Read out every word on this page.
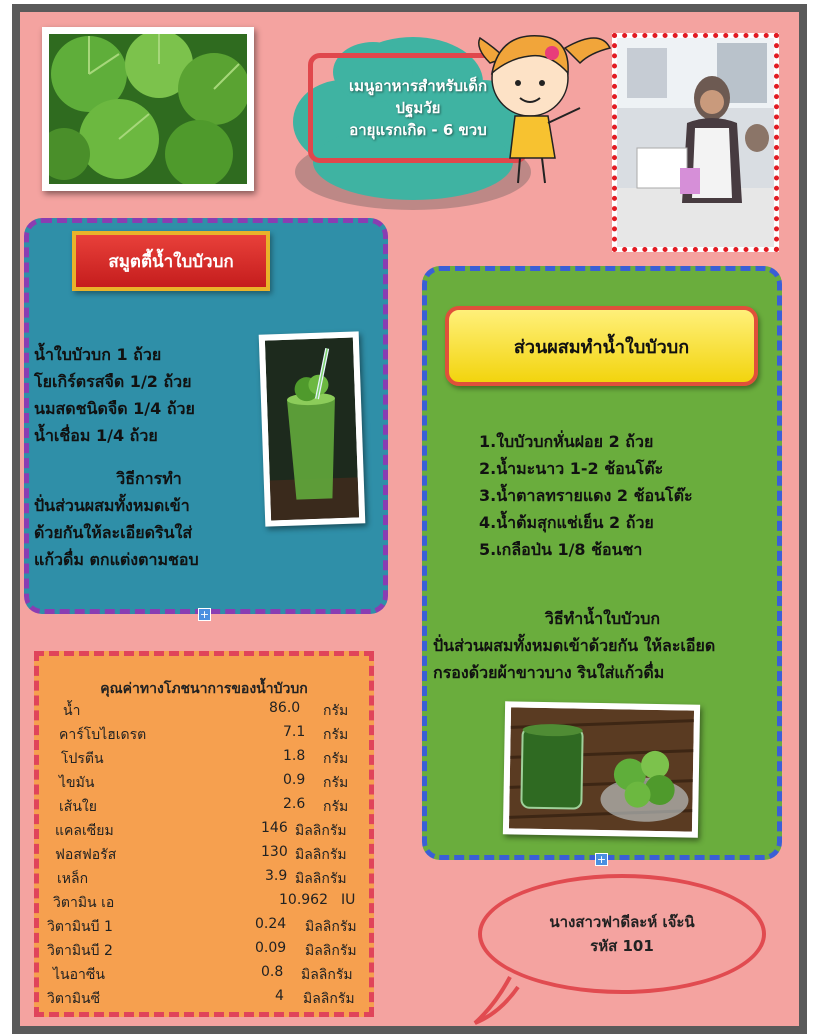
เมนูอาหารสำหรับเด็ก
ปฐมวัย
อายุแรกเกิด - 6 ขวบ
สมูตตี้น้ำใบบัวบก
น้ำใบบัวบก 1 ถ้วย
โยเกิร์ตรสจืด 1/2 ถ้วย
นมสดชนิดจืด 1/4 ถ้วย
น้ำเชื่อม 1/4 ถ้วย
วิธีการทำ
ปั่นส่วนผสมทั้งหมดเข้า
ด้วยกันให้ละเอียดรินใส่
แก้วดื่ม ตกแต่งตามชอบ
+
ส่วนผสมทำน้ำใบบัวบก
1.ใบบัวบกหั่นฝอย 2 ถ้วย
2.น้ำมะนาว 1-2 ช้อนโต๊ะ
3.น้ำตาลทรายแดง 2 ช้อนโต๊ะ
4.น้ำต้มสุกแช่เย็น 2 ถ้วย
5.เกลือป่น 1/8 ช้อนชา
วิธีทำน้ำใบบัวบก
ปั่นส่วนผสมทั้งหมดเข้าด้วยกัน ให้ละเอียด
กรองด้วยผ้าขาวบาง รินใส่แก้วดื่ม
+
คุณค่าทางโภชนาการของน้ำบัวบก
น้ำ	86.0 กรัม
คาร์โบไฮเดรต	7.1 กรัม
โปรตีน	1.8 กรัม
ไขมัน	0.9 กรัม
เส้นใย	2.6 กรัม
แคลเซียม	146 มิลลิกรัม
ฟอสฟอรัส	130 มิลลิกรัม
เหล็ก	3.9 มิลลิกรัม
วิตามิน เอ	10.962 IU
วิตามินบี 1	0.24 มิลลิกรัม
วิตามินบี 2	0.09 มิลลิกรัม
ไนอาซีน	0.8 มิลลิกรัม
วิตามินซี	4 มิลลิกรัม
นางสาวฟาดีละห์ เจ๊ะนิ
รหัส 101
